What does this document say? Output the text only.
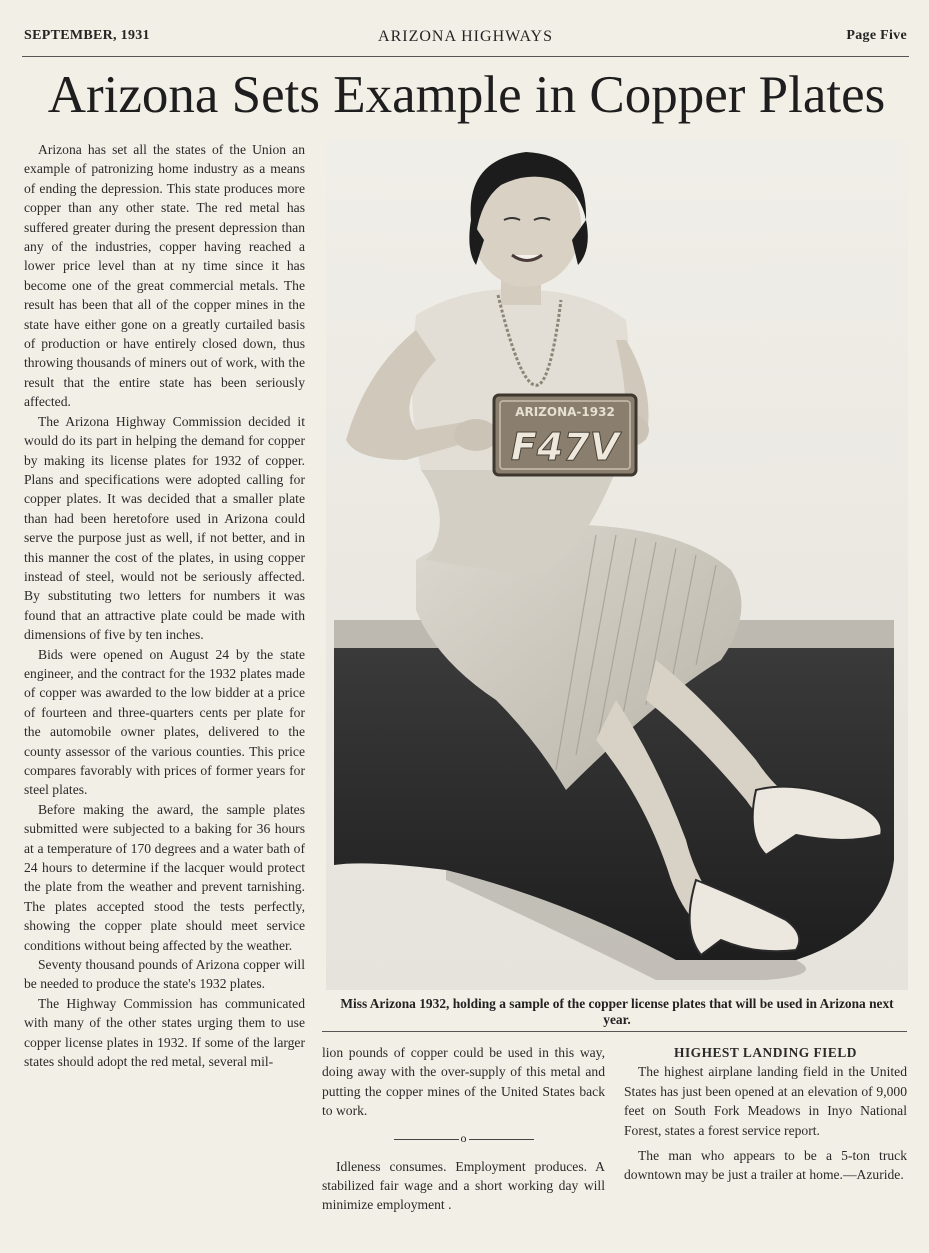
SEPTEMBER, 1931	ARIZONA HIGHWAYS	Page Five
Arizona Sets Example in Copper Plates

Arizona has set all the states of the Union an example of patronizing home industry as a means of ending the depression. This state produces more copper than any other state. The red metal has suffered greater during the present depression than any of the industries, copper having reached a lower price level than at ny time since it has become one of the great commercial metals. The result has been that all of the copper mines in the state have either gone on a greatly curtailed basis of production or have entirely closed down, thus throwing thousands of miners out of work, with the result that the entire state has been seriously affected.

The Arizona Highway Commission decided it would do its part in helping the demand for copper by making its license plates for 1932 of copper. Plans and specifications were adopted calling for copper plates. It was decided that a smaller plate than had been heretofore used in Arizona could serve the purpose just as well, if not better, and in this manner the cost of the plates, in using copper instead of steel, would not be seriously affected. By substituting two letters for numbers it was found that an attractive plate could be made with dimensions of five by ten inches.

Bids were opened on August 24 by the state engineer, and the contract for the 1932 plates made of copper was awarded to the low bidder at a price of fourteen and three-quarters cents per plate for the automobile owner plates, delivered to the county assessor of the various counties. This price compares favorably with prices of former years for steel plates.

Before making the award, the sample plates submitted were subjected to a baking for 36 hours at a temperature of 170 degrees and a water bath of 24 hours to determine if the lacquer would protect the plate from the weather and prevent tarnishing. The plates accepted stood the tests perfectly, showing the copper plate should meet service conditions without being affected by the weather.

Seventy thousand pounds of Arizona copper will be needed to produce the state's 1932 plates.

The Highway Commission has communicated with many of the other states urging them to use copper license plates in 1932. If some of the larger states should adopt the red metal, several mil-

ARIZONA-1932
F47V
Miss Arizona 1932, holding a sample of the copper license plates that will be used in Arizona next year.

lion pounds of copper could be used in this way, doing away with the over-supply of this metal and putting the copper mines of the United States back to work.

o

Idleness consumes. Employment produces. A stabilized fair wage and a short working day will minimize employment .

HIGHEST LANDING FIELD

The highest airplane landing field in the United States has just been opened at an elevation of 9,000 feet on South Fork Meadows in Inyo National Forest, states a forest service report.

The man who appears to be a 5-ton truck downtown may be just a trailer at home.—Azuride.
